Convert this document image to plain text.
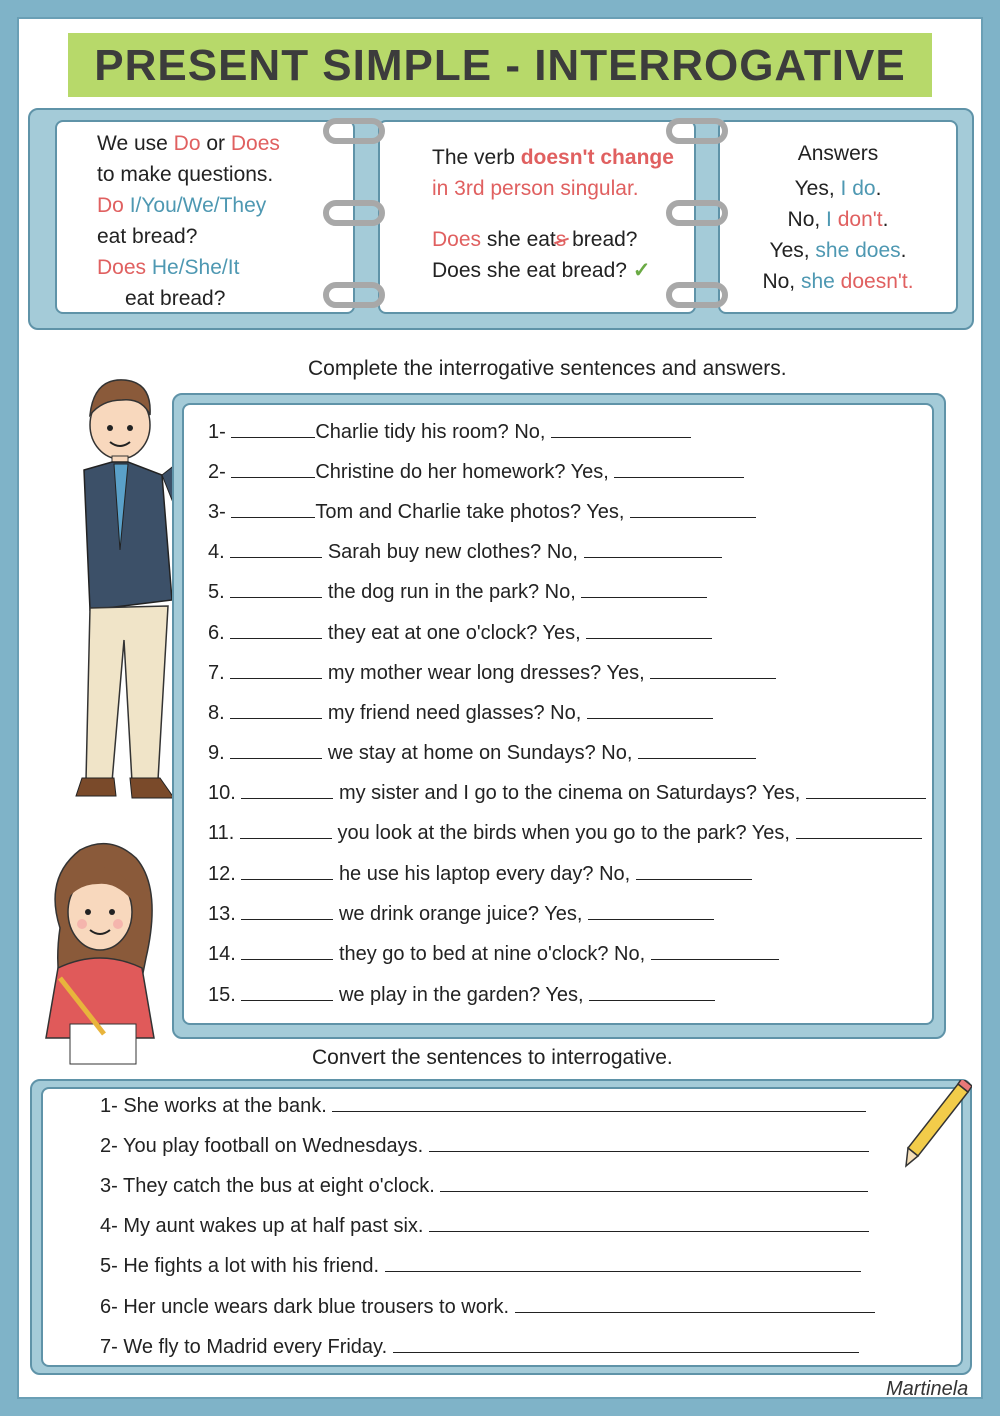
PRESENT SIMPLE - INTERROGATIVE
We use Do or Does
to make questions.
Do I/You/We/They
eat bread?
Does He/She/It
eat bread?
The verb doesn't change
in 3rd person singular.
Does she eats bread?
Does she eat bread? ✓
Answers
Yes, I do.
No, I don't.
Yes, she does.
No, she doesn't.
Complete the interrogative sentences and answers.
1-	Charlie tidy his room? No,
2-	Christine do her homework? Yes,
3-	Tom and Charlie take photos? Yes,
4.	Sarah buy new clothes? No,
5.	the dog run in the park? No,
6.	they eat at one o'clock? Yes,
7.	my mother wear long dresses? Yes,
8.	my friend need glasses? No,
9.	we stay at home on Sundays? No,
10.	my sister and I go to the cinema on Saturdays? Yes,
11.	you look at the birds when you go to the park? Yes,
12.	he use his laptop every day? No,
13.	we drink orange juice? Yes,
14.	they go to bed at nine o'clock? No,
15.	we play in the garden? Yes,
Convert the sentences to interrogative.
1- She works at the bank.
2- You play football on Wednesdays.
3- They catch the bus at eight o'clock.
4- My aunt wakes up at half past six.
5- He fights a lot with his friend.
6- Her uncle wears dark blue trousers to work.
7- We fly to Madrid every Friday.
Martinela
